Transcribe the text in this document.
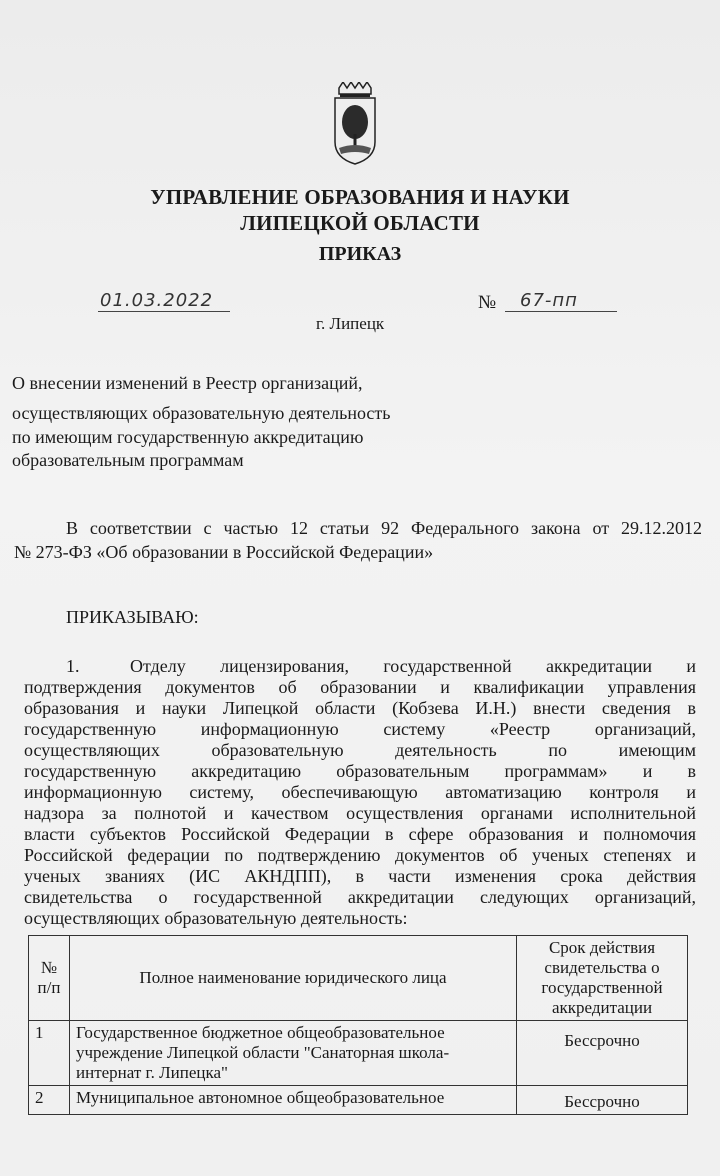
УПРАВЛЕНИЕ ОБРАЗОВАНИЯ И НАУКИ
ЛИПЕЦКОЙ ОБЛАСТИ
ПРИКАЗ
01.03.2022	№ 67-пп
г. Липецк
О внесении изменений в Реестр организаций,
осуществляющих образовательную деятельность
по имеющим государственную аккредитацию
образовательным программам
В соответствии с частью 12 статьи 92 Федерального закона от 29.12.2012
№ 273-ФЗ «Об образовании в Российской Федерации»
ПРИКАЗЫВАЮ:
1.	Отделу лицензирования, государственной аккредитации и
подтверждения документов об образовании и квалификации управления
образования и науки Липецкой области (Кобзева И.Н.) внести сведения в
государственную информационную систему «Реестр организаций,
осуществляющих образовательную деятельность по имеющим
государственную аккредитацию образовательным программам» и в
информационную систему, обеспечивающую автоматизацию контроля и
надзора за полнотой и качеством осуществления органами исполнительной
власти субъектов Российской Федерации в сфере образования и полномочия
Российской федерации по подтверждению документов об ученых степенях и
ученых званиях (ИС АКНДПП), в части изменения срока действия
свидетельства о государственной аккредитации следующих организаций,
осуществляющих образовательную деятельность:
№ п/п	Полное наименование юридического лица	Срок действия свидетельства о государственной аккредитации
1	Государственное бюджетное общеобразовательное учреждение Липецкой области "Санаторная школа-интернат г. Липецка"	Бессрочно
2	Муниципальное автономное общеобразовательное	Бессрочно
